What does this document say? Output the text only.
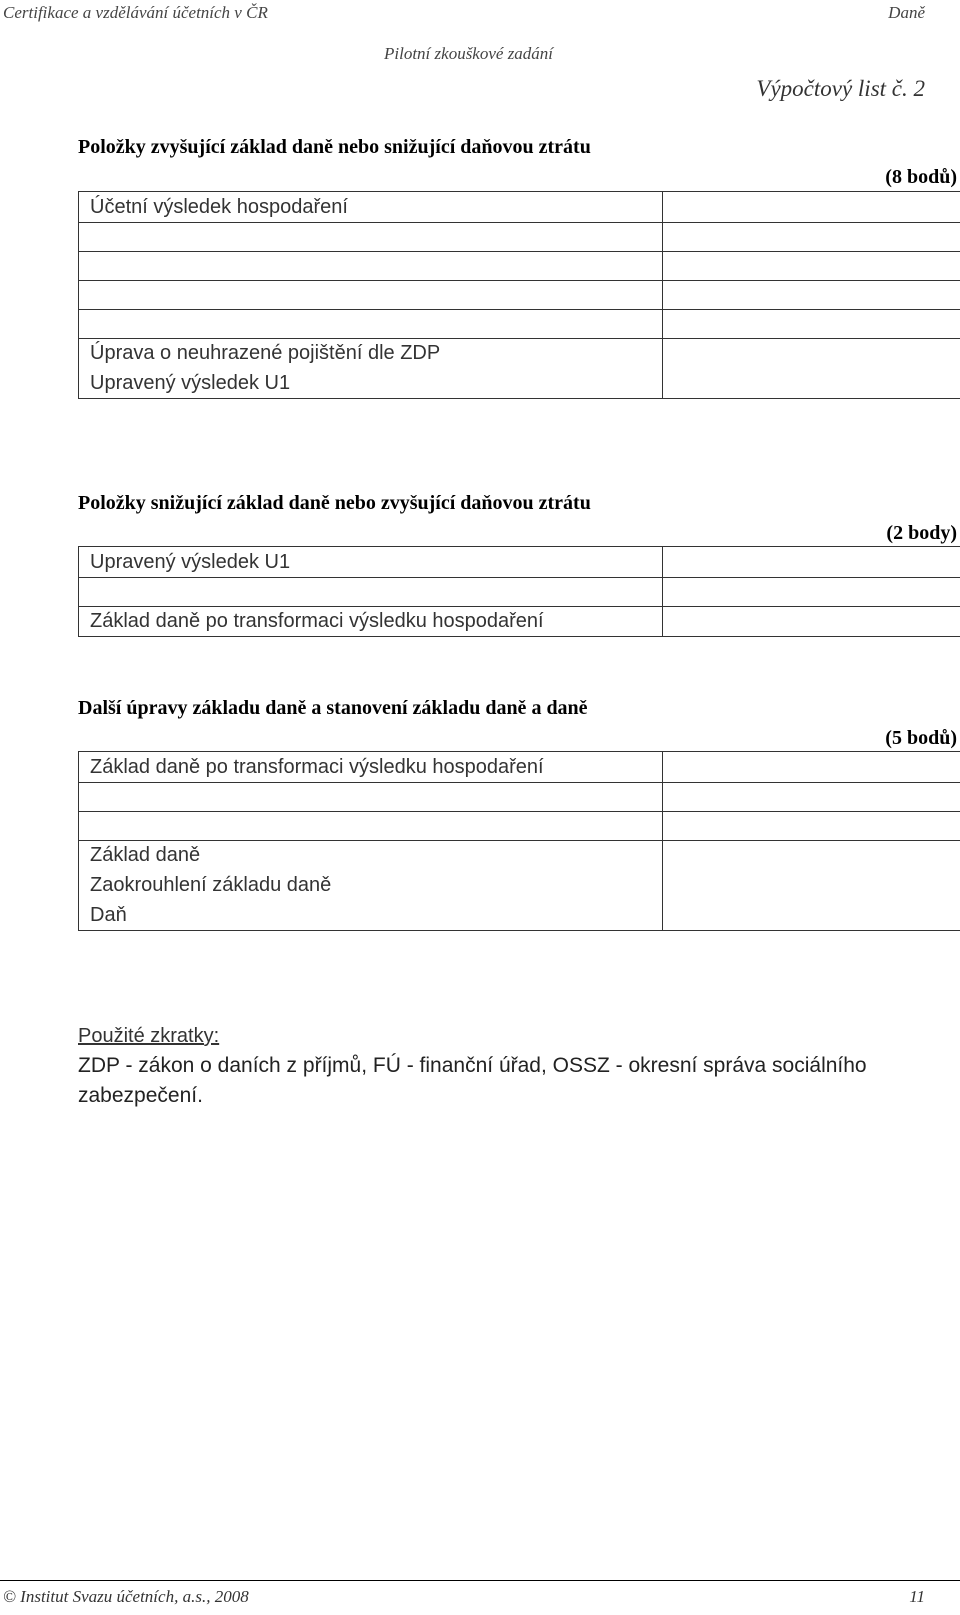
Certifikace a vzdělávání účetních v ČR	Daně
Pilotní zkouškové zadání
Výpočtový list č. 2
Položky zvyšující základ daně nebo snižující daňovou ztrátu
(8 bodů)
Účetní výsledek hospodaření	

Úprava o neuhrazené pojištění dle ZDP	
Upravený výsledek U1	
Položky snižující základ daně nebo zvyšující daňovou ztrátu
(2 body)
Upravený výsledek U1	

Základ daně po transformaci výsledku hospodaření	
Další úpravy základu daně a stanovení základu daně a daně
(5 bodů)
Základ daně po transformaci výsledku hospodaření	

Základ daně	
Zaokrouhlení základu daně	
Daň	
Použité zkratky:
ZDP - zákon o daních z příjmů, FÚ - finanční úřad, OSSZ - okresní správa sociálního zabezpečení.
© Institut Svazu účetních, a.s., 2008	11
